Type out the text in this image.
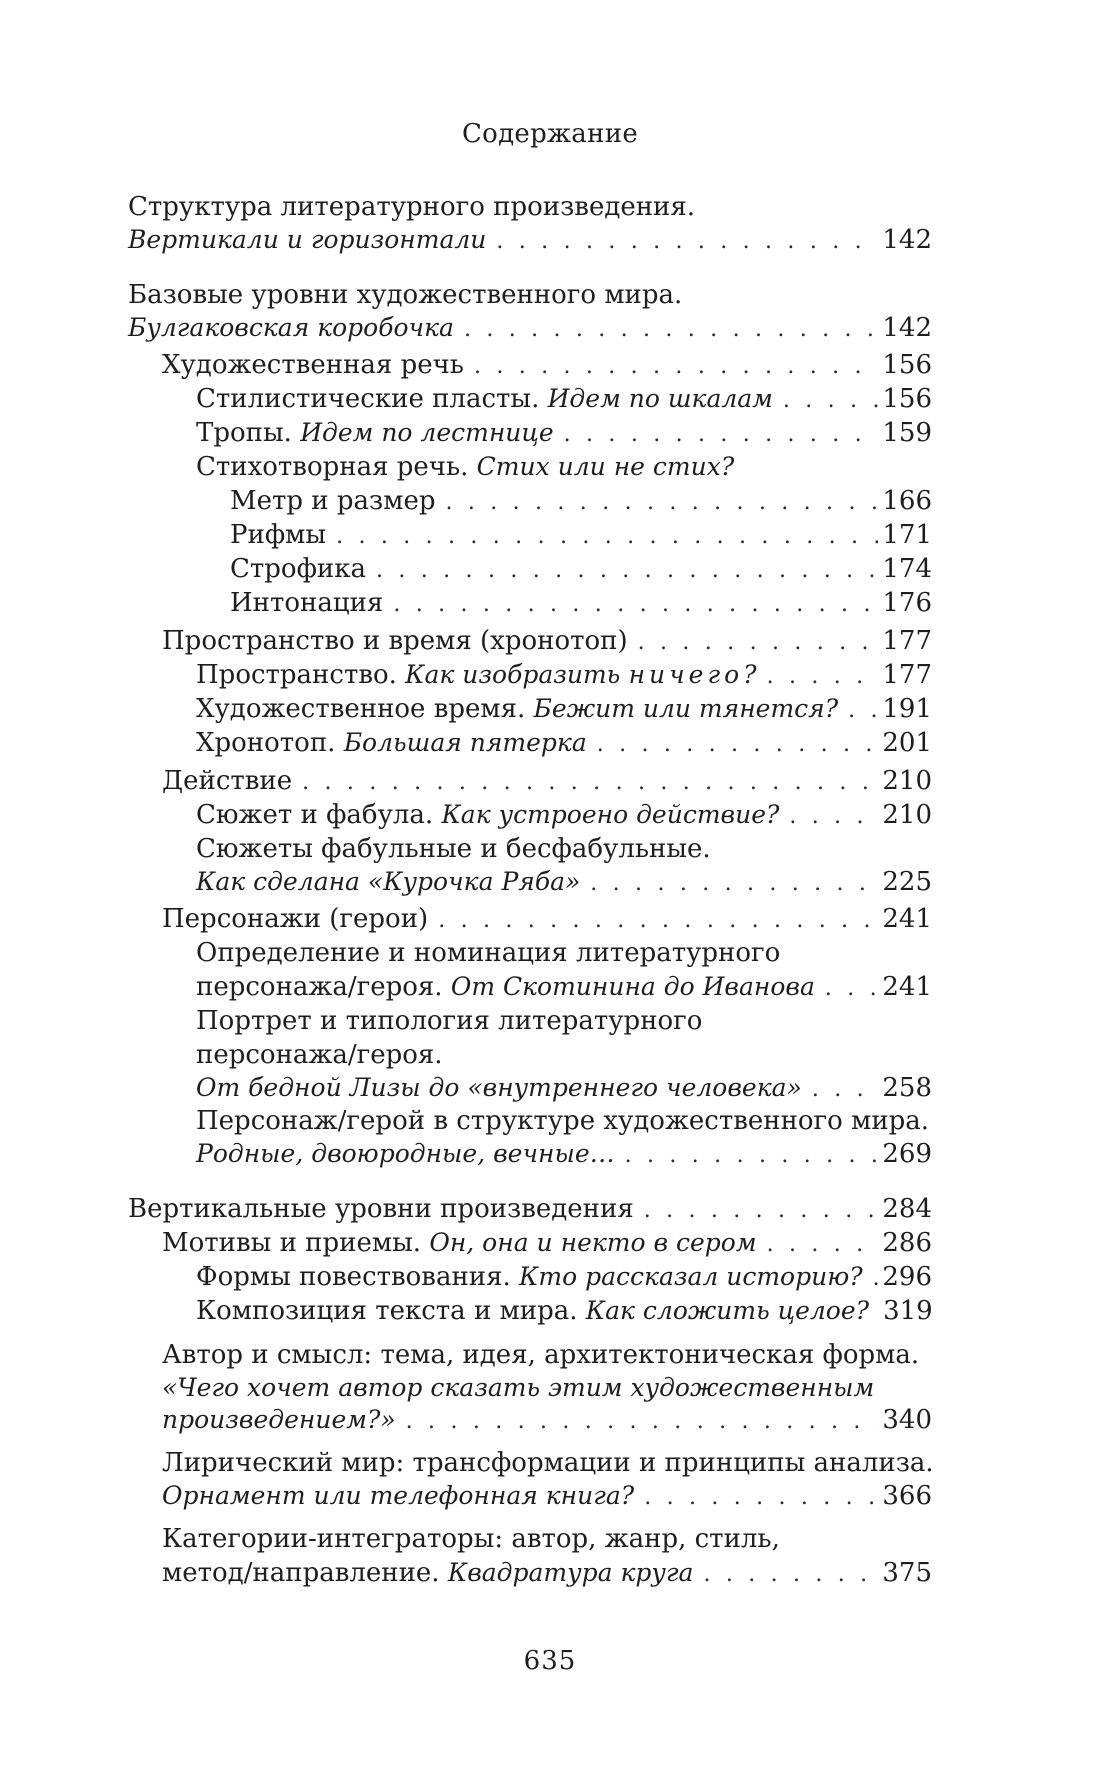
Содержание
Структура литературного произведения.
Вертикали и горизонтали . . .	142
Базовые уровни художественного мира.
Булгаковская коробочка . . .	142
Художественная речь . . .	156
Стилистические пласты.
Идем по шкалам . . .	156
Тропы.
Идем по лестнице . . .	159
Стихотворная речь.
Стих или не стих?
Метр и размер . . .	166
Рифмы . . .	171
Строфика . . .	174
Интонация . . .	176
Пространство и время (хронотоп) . . .	177
Пространство.
Как изобразить
ничего ? . . .	177
Художественное время.
Бежит или тянется? . . . 191
Хронотоп.
Большая пятерка . . .	201
Действие . . .	210
Сюжет и фабула.
Как устроено действие? . . .	210
Сюжеты фабульные и бесфабульные.
Как сделана «Курочка Ряба» . . .	225
Персонажи (герои) . . .	241
Определение и номинация литературного
персонажа/героя.
От Скотинина до Иванова . . .	241
Портрет и типология литературного
персонажа/героя.
От бедной Лизы до «внутреннего человека» . . .	258
Персонаж/герой в структуре художественного мира.
Родные, двоюродные, вечные… . . .	269
Вертикальные уровни произведения . . .	284
Мотивы и приемы.
Он, она и некто в сером . . .	286
Формы повествования.
Кто рассказал историю? . . . 296
Композиция текста и мира.
Как сложить целое? 319
Автор и смысл: тема, идея, архитектоническая форма.
«Чего хочет автор сказать этим художественным
произведением?» . . .	340
Лирический мир: трансформации и принципы анализа.
Орнамент или телефонная книга? . . .	366
Категории-интеграторы: автор, жанр, стиль,
метод/направление.
Квадратура круга . . .	375
635
